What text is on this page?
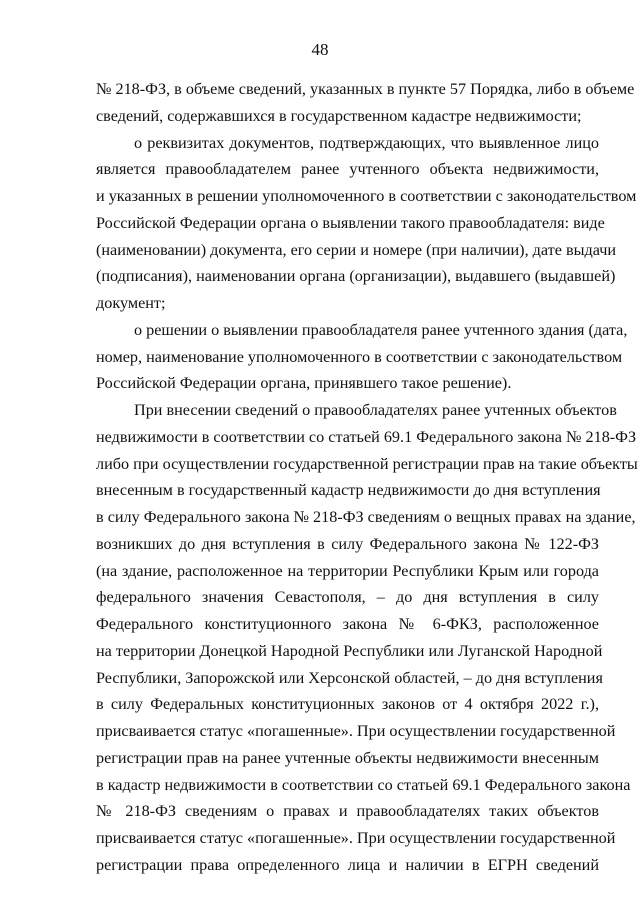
48
№ 218-ФЗ, в объеме сведений, указанных в пункте 57 Порядка, либо в объеме
сведений, содержавшихся в государственном кадастре недвижимости;
о реквизитах документов, подтверждающих, что выявленное лицо
является правообладателем ранее учтенного объекта недвижимости,
и указанных в решении уполномоченного в соответствии с законодательством
Российской Федерации органа о выявлении такого правообладателя: виде
(наименовании) документа, его серии и номере (при наличии), дате выдачи
(подписания), наименовании органа (организации), выдавшего (выдавшей)
документ;
о решении о выявлении правообладателя ранее учтенного здания (дата,
номер, наименование уполномоченного в соответствии с законодательством
Российской Федерации органа, принявшего такое решение).
При внесении сведений о правообладателях ранее учтенных объектов
недвижимости в соответствии со статьей 69.1 Федерального закона № 218-ФЗ
либо при осуществлении государственной регистрации прав на такие объекты
внесенным в государственный кадастр недвижимости до дня вступления
в силу Федерального закона № 218-ФЗ сведениям о вещных правах на здание,
возникших до дня вступления в силу Федерального закона № 122-ФЗ
(на здание, расположенное на территории Республики Крым или города
федерального значения Севастополя, – до дня вступления в силу
Федерального конституционного закона № 6-ФКЗ, расположенное
на территории Донецкой Народной Республики или Луганской Народной
Республики, Запорожской или Херсонской областей, – до дня вступления
в силу Федеральных конституционных законов от 4 октября 2022 г.),
присваивается статус «погашенные». При осуществлении государственной
регистрации прав на ранее учтенные объекты недвижимости внесенным
в кадастр недвижимости в соответствии со статьей 69.1 Федерального закона
№ 218-ФЗ сведениям о правах и правообладателях таких объектов
присваивается статус «погашенные». При осуществлении государственной
регистрации права определенного лица и наличии в ЕГРН сведений
